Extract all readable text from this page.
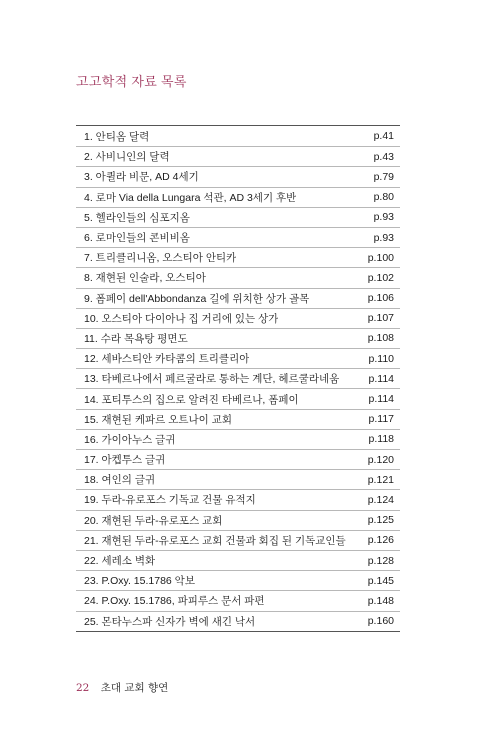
고고학적 자료 목록
1. 안티옴 달력	p.41
2. 사비니인의 달력	p.43
3. 아퀼라 비문, AD 4세기	p.79
4. 로마 Via della Lungara 석관, AD 3세기 후반	p.80
5. 헬라인들의 심포지옴	p.93
6. 로마인들의 콘비비옴	p.93
7. 트리클리니옴, 오스티아 안티카	p.100
8. 재현된 인술라, 오스티아	p.102
9. 폼페이 dell'Abbondanza 길에 위치한 상가 골목	p.106
10. 오스티아 다이아나 집 거리에 있는 상가	p.107
11. 수라 목욕탕 평면도	p.108
12. 세바스티안 카타콤의 트리클리아	p.110
13. 타베르나에서 페르굴라로 통하는 계단, 헤르쿨라네움	p.114
14. 포티투스의 집으로 알려진 타베르나, 폼페이	p.114
15. 재현된 케파르 오트나이 교회	p.117
16. 가이아누스 글귀	p.118
17. 아켑투스 글귀	p.120
18. 여인의 글귀	p.121
19. 두라-유로포스 기독교 건물 유적지	p.124
20. 재현된 두라-유로포스 교회	p.125
21. 재현된 두라-유로포스 교회 건물과 회집 된 기독교인들 p.126
22. 세레소 벽화	p.128
23. P.Oxy. 15.1786 악보	p.145
24. P.Oxy. 15.1786, 파피루스 문서 파편	p.148
25. 몬타누스파 신자가 벽에 새긴 낙서	p.160
22 초대 교회 향연
